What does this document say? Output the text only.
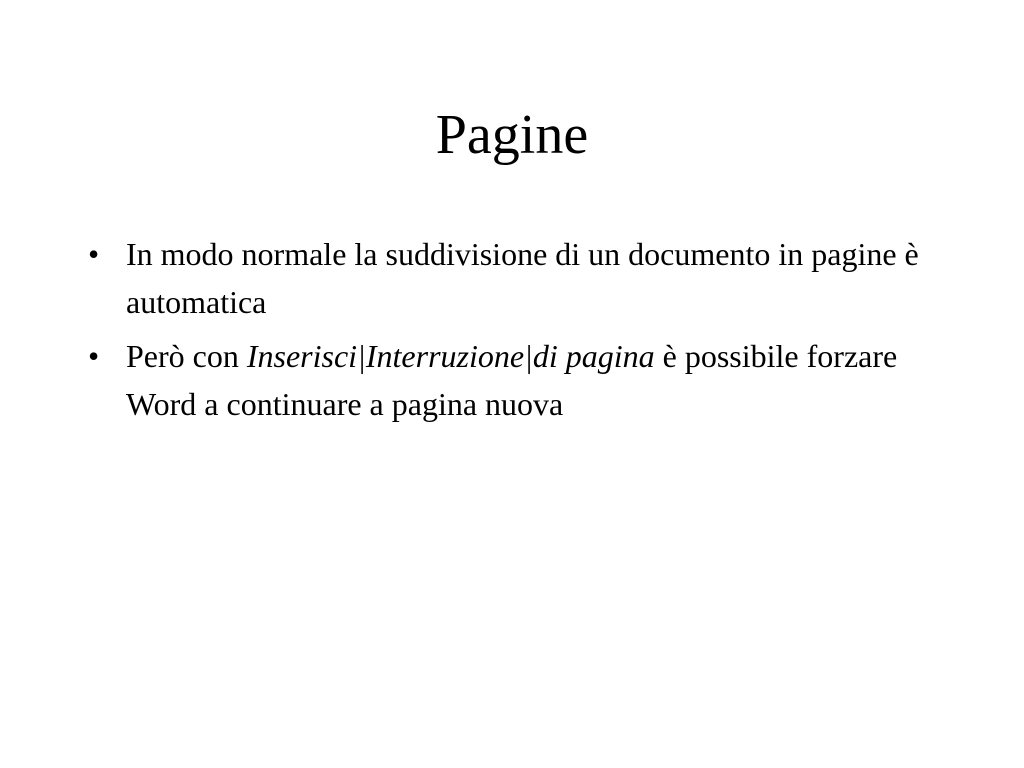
Pagine
• In modo normale la suddivisione di un documento in pagine è automatica
• Però con Inserisci|Interruzione|di pagina è possibile forzare Word a continuare a pagina nuova
